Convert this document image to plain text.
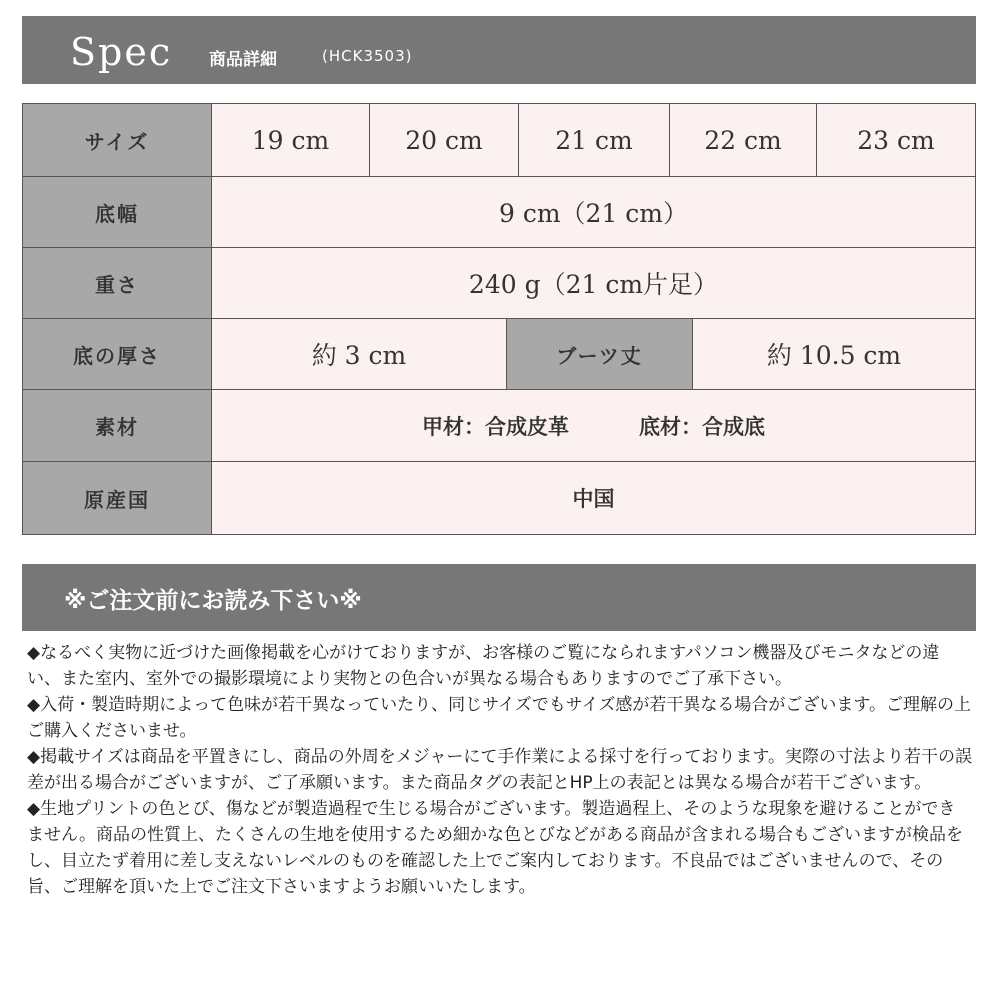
Spec 商品詳細	(HCK3503)
サイズ	19 cm	20 cm	21 cm	22 cm	23 cm
底幅	9 cm（21 cm）
重さ	240 g（21 cm片足）
底の厚さ	約 3 cm	ブーツ丈	約 10.5 cm
素材	甲材：合成皮革	底材：合成底
原産国	中国
※ご注文前にお読み下さい※

◆なるべく実物に近づけた画像掲載を心がけておりますが、お客様のご覧になられますパソコン機器及びモニタなどの違い、また室内、室外での撮影環境により実物との色合いが異なる場合もありますのでご了承下さい。

◆入荷・製造時期によって色味が若干異なっていたり、同じサイズでもサイズ感が若干異なる場合がございます。ご理解の上ご購入くださいませ。

◆掲載サイズは商品を平置きにし、商品の外周をメジャーにて手作業による採寸を行っております。実際の寸法より若干の誤差が出る場合がございますが、ご了承願います。また商品タグの表記とHP上の表記とは異なる場合が若干ございます。

◆生地プリントの色とび、傷などが製造過程で生じる場合がございます。製造過程上、そのような現象を避けることができません。商品の性質上、たくさんの生地を使用するため細かな色とびなどがある商品が含まれる場合もございますが検品をし、目立たず着用に差し支えないレベルのものを確認した上でご案内しております。不良品ではございませんので、その旨、ご理解を頂いた上でご注文下さいますようお願いいたします。
